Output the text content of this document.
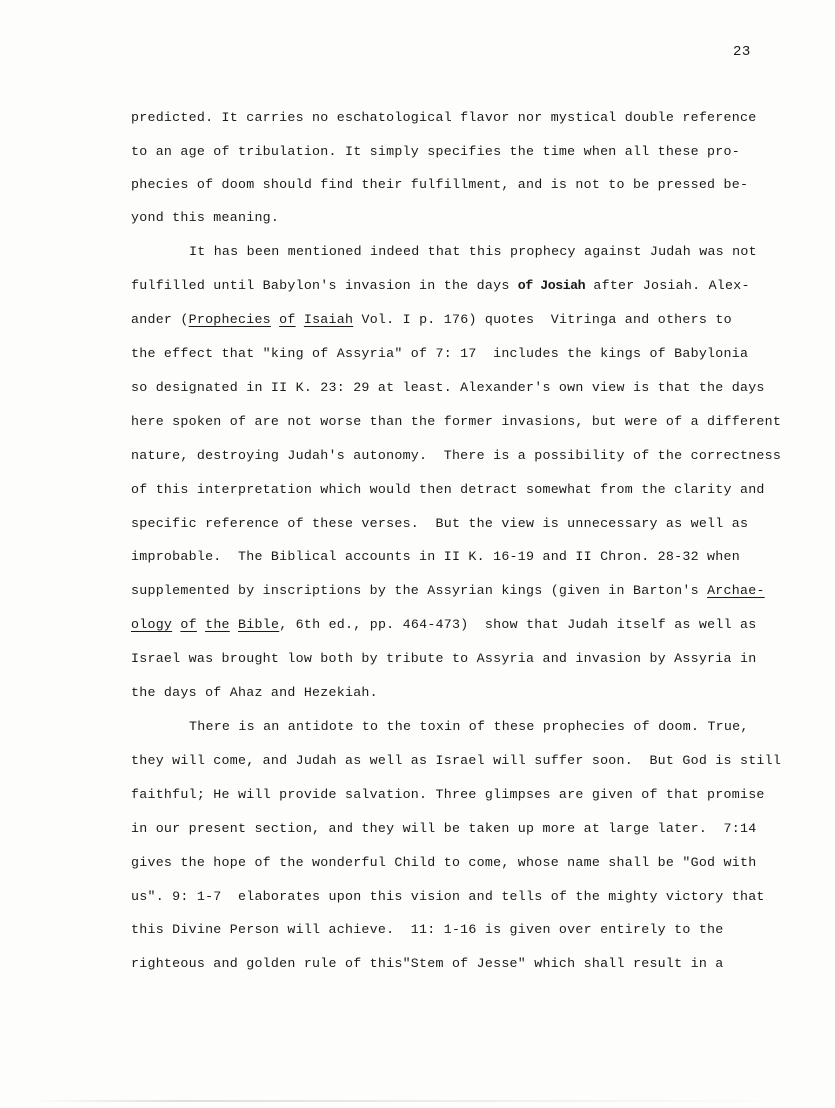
23
predicted. It carries no eschatological flavor nor mystical double reference
to an age of tribulation. It simply specifies the time when all these pro-
phecies of doom should find their fulfillment, and is not to be pressed be-
yond this meaning.
It has been mentioned indeed that this prophecy against Judah was not
fulfilled until Babylon's invasion in the days of Josiah after Josiah. Alex-
ander (Prophecies of Isaiah Vol. I p. 176) quotes  Vitringa and others to
the effect that "king of Assyria" of 7: 17  includes the kings of Babylonia
so designated in II K. 23: 29 at least. Alexander's own view is that the days
here spoken of are not worse than the former invasions, but were of a different
nature, destroying Judah's autonomy.  There is a possibility of the correctness
of this interpretation which would then detract somewhat from the clarity and
specific reference of these verses.  But the view is unnecessary as well as
improbable.  The Biblical accounts in II K. 16-19 and II Chron. 28-32 when
supplemented by inscriptions by the Assyrian kings (given in Barton's Archae-
ology of the Bible, 6th ed., pp. 464-473)  show that Judah itself as well as
Israel was brought low both by tribute to Assyria and invasion by Assyria in
the days of Ahaz and Hezekiah.
There is an antidote to the toxin of these prophecies of doom. True,
they will come, and Judah as well as Israel will suffer soon.  But God is still
faithful; He will provide salvation. Three glimpses are given of that promise
in our present section, and they will be taken up more at large later.  7:14
gives the hope of the wonderful Child to come, whose name shall be "God with
us". 9: 1-7  elaborates upon this vision and tells of the mighty victory that
this Divine Person will achieve.  11: 1-16 is given over entirely to the
righteous and golden rule of this"Stem of Jesse" which shall result in a
